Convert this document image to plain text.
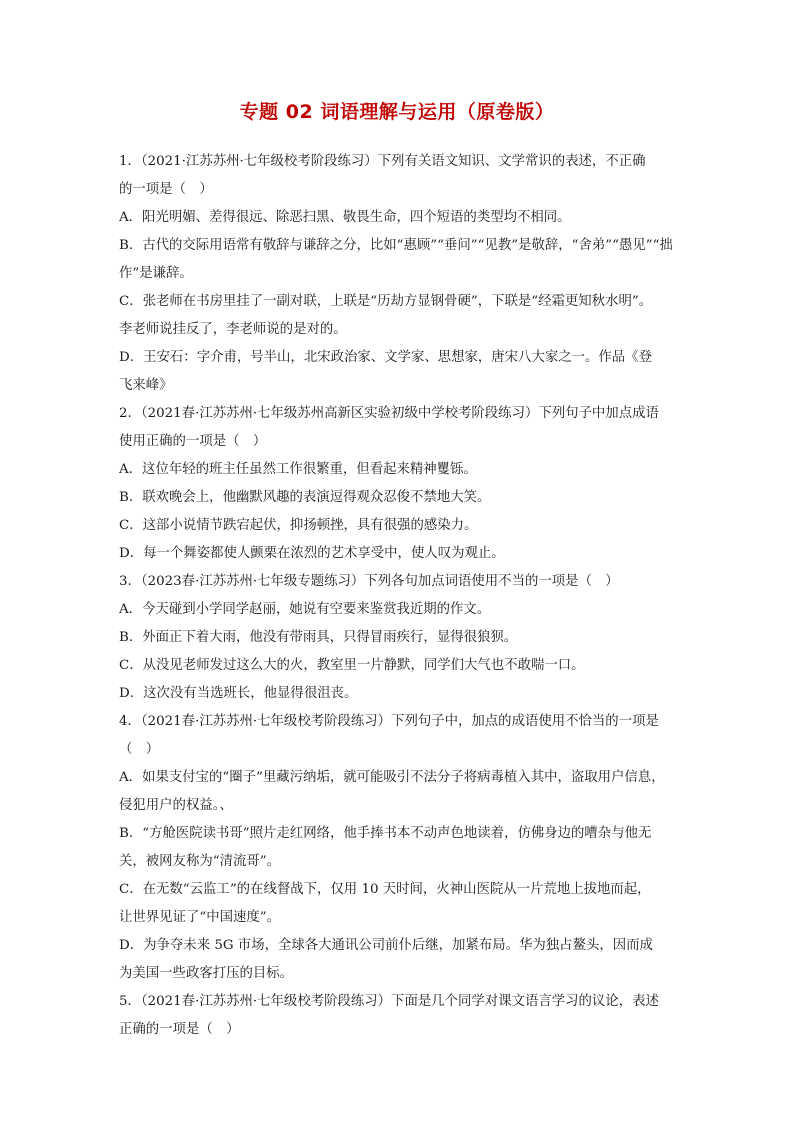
专题 02 词语理解与运用（原卷版）
1．（2021·江苏苏州·七年级校考阶段练习）下列有关语文知识、文学常识的表述，不正确
的一项是（　）
A．阳光明媚、差得很远、除恶扫黑、敬畏生命，四个短语的类型均不相同。
B．古代的交际用语常有敬辞与谦辞之分，比如“惠顾”“垂问”“见教”是敬辞，“舍弟”“愚见”“拙
作”是谦辞。
C．张老师在书房里挂了一副对联，上联是“历劫方显钢骨硬”，下联是“经霜更知秋水明”。
李老师说挂反了，李老师说的是对的。
D．王安石：字介甫，号半山，北宋政治家、文学家、思想家，唐宋八大家之一。作品《登
飞来峰》
2．（2021春·江苏苏州·七年级苏州高新区实验初级中学校考阶段练习）下列句子中加点成语
使用正确的一项是（　）
A．这位年轻的班主任虽然工作很繁重，但看起来精神矍铄。
B．联欢晚会上，他幽默风趣的表演逗得观众忍俊不禁地大笑。
C．这部小说情节跌宕起伏，抑扬顿挫，具有很强的感染力。
D．每一个舞姿都使人颤栗在浓烈的艺术享受中，使人叹为观止。
3．（2023春·江苏苏州·七年级专题练习）下列各句加点词语使用不当的一项是（　）
A．今天碰到小学同学赵丽，她说有空要来鉴赏我近期的作文。
B．外面正下着大雨，他没有带雨具，只得冒雨疾行，显得很狼狈。
C．从没见老师发过这么大的火，教室里一片静默，同学们大气也不敢喘一口。
D．这次没有当选班长，他显得很沮丧。
4．（2021春·江苏苏州·七年级校考阶段练习）下列句子中，加点的成语使用不恰当的一项是
（　）
A．如果支付宝的“圈子”里藏污纳垢，就可能吸引不法分子将病毒植入其中，盗取用户信息，
侵犯用户的权益。、
B．“方舱医院读书哥”照片走红网络，他手捧书本不动声色地读着，仿佛身边的嘈杂与他无
关，被网友称为“清流哥”。
C．在无数“云监工”的在线督战下，仅用 10 天时间，火神山医院从一片荒地上拔地而起，
让世界见证了“中国速度”。
D．为争夺未来 5G 市场，全球各大通讯公司前仆后继，加紧布局。华为独占鳌头，因而成
为美国一些政客打压的目标。
5．（2021春·江苏苏州·七年级校考阶段练习）下面是几个同学对课文语言学习的议论，表述
正确的一项是（　）
